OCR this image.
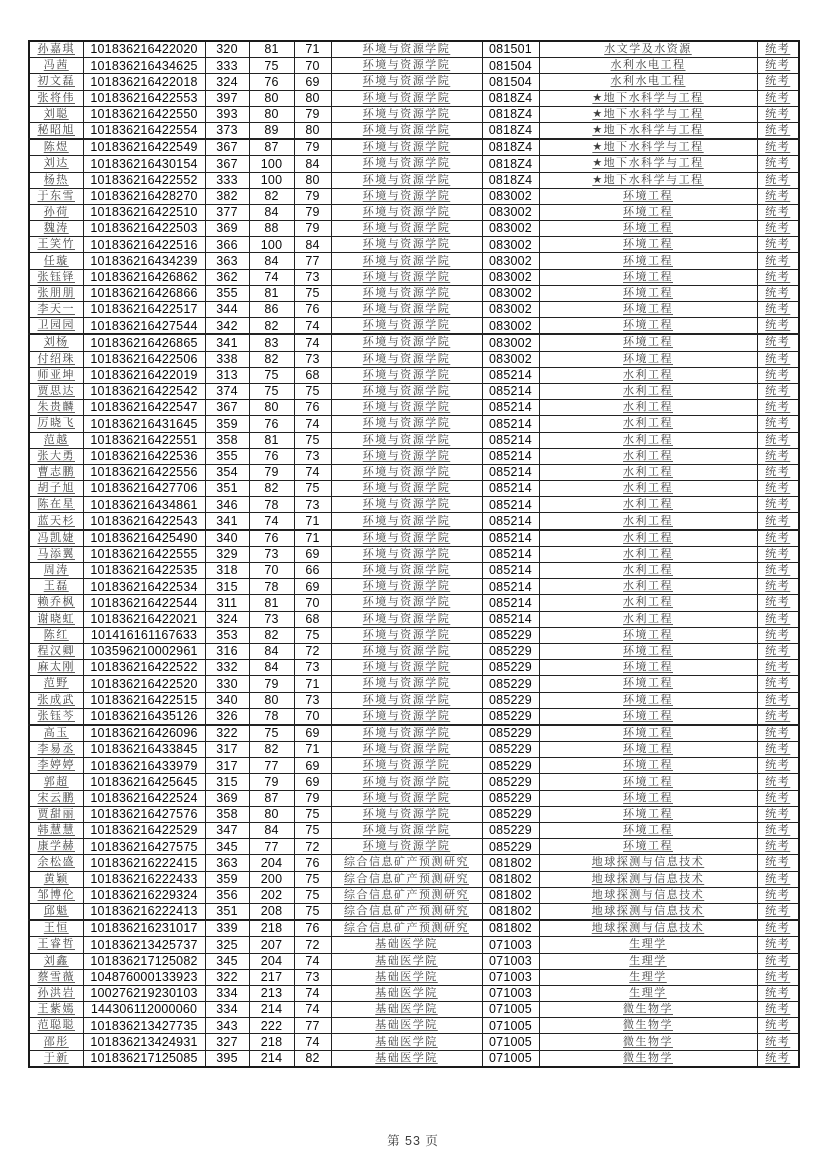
孙嘉琪	101836216422020	320	81	71	环境与资源学院	081501	水文学及水资源	统考
冯茜	101836216434625	333	75	70	环境与资源学院	081504	水利水电工程	统考
初文磊	101836216422018	324	76	69	环境与资源学院	081504	水利水电工程	统考
张将伟	101836216422553	397	80	80	环境与资源学院	0818Z4	★地下水科学与工程	统考
刘聪	101836216422550	393	80	79	环境与资源学院	0818Z4	★地下水科学与工程	统考
秘昭旭	101836216422554	373	89	80	环境与资源学院	0818Z4	★地下水科学与工程	统考
陈煜	101836216422549	367	87	79	环境与资源学院	0818Z4	★地下水科学与工程	统考
刘达	101836216430154	367	100	84	环境与资源学院	0818Z4	★地下水科学与工程	统考
杨热	101836216422552	333	100	80	环境与资源学院	0818Z4	★地下水科学与工程	统考
于东雪	101836216428270	382	82	79	环境与资源学院	083002	环境工程	统考
孙荷	101836216422510	377	84	79	环境与资源学院	083002	环境工程	统考
魏涛	101836216422503	369	88	79	环境与资源学院	083002	环境工程	统考
王笑竹	101836216422516	366	100	84	环境与资源学院	083002	环境工程	统考
任璇	101836216434239	363	84	77	环境与资源学院	083002	环境工程	统考
张钰铎	101836216426862	362	74	73	环境与资源学院	083002	环境工程	统考
张朋朋	101836216426866	355	81	75	环境与资源学院	083002	环境工程	统考
李天一	101836216422517	344	86	76	环境与资源学院	083002	环境工程	统考
卫园园	101836216427544	342	82	74	环境与资源学院	083002	环境工程	统考
刘杨	101836216426865	341	83	74	环境与资源学院	083002	环境工程	统考
付绍珠	101836216422506	338	82	73	环境与资源学院	083002	环境工程	统考
师亚坤	101836216422019	313	75	68	环境与资源学院	085214	水利工程	统考
贾思达	101836216422542	374	75	75	环境与资源学院	085214	水利工程	统考
朱贵麟	101836216422547	367	80	76	环境与资源学院	085214	水利工程	统考
厉晓飞	101836216431645	359	76	74	环境与资源学院	085214	水利工程	统考
范越	101836216422551	358	81	75	环境与资源学院	085214	水利工程	统考
张大勇	101836216422536	355	76	73	环境与资源学院	085214	水利工程	统考
曹志鹏	101836216422556	354	79	74	环境与资源学院	085214	水利工程	统考
胡子旭	101836216427706	351	82	75	环境与资源学院	085214	水利工程	统考
陈在星	101836216434861	346	78	73	环境与资源学院	085214	水利工程	统考
蓝天杉	101836216422543	341	74	71	环境与资源学院	085214	水利工程	统考
冯凯婕	101836216425490	340	76	71	环境与资源学院	085214	水利工程	统考
马添翼	101836216422555	329	73	69	环境与资源学院	085214	水利工程	统考
周涛	101836216422535	318	70	66	环境与资源学院	085214	水利工程	统考
王磊	101836216422534	315	78	69	环境与资源学院	085214	水利工程	统考
赖乔枫	101836216422544	311	81	70	环境与资源学院	085214	水利工程	统考
谢晓虹	101836216422021	324	73	68	环境与资源学院	085214	水利工程	统考
陈红	101416161167633	353	82	75	环境与资源学院	085229	环境工程	统考
程汉卿	103596210002961	316	84	72	环境与资源学院	085229	环境工程	统考
麻太刚	101836216422522	332	84	73	环境与资源学院	085229	环境工程	统考
范野	101836216422520	330	79	71	环境与资源学院	085229	环境工程	统考
张成武	101836216422515	340	80	73	环境与资源学院	085229	环境工程	统考
张钰芩	101836216435126	326	78	70	环境与资源学院	085229	环境工程	统考
高玉	101836216426096	322	75	69	环境与资源学院	085229	环境工程	统考
李易丞	101836216433845	317	82	71	环境与资源学院	085229	环境工程	统考
李婷婷	101836216433979	317	77	69	环境与资源学院	085229	环境工程	统考
郭超	101836216425645	315	79	69	环境与资源学院	085229	环境工程	统考
宋云鹏	101836216422524	369	87	79	环境与资源学院	085229	环境工程	统考
贾甜丽	101836216427576	358	80	75	环境与资源学院	085229	环境工程	统考
韩慧慧	101836216422529	347	84	75	环境与资源学院	085229	环境工程	统考
康学赫	101836216427575	345	77	72	环境与资源学院	085229	环境工程	统考
余松盛	101836216222415	363	204	76	综合信息矿产预测研究	081802	地球探测与信息技术	统考
黄颖	101836216222433	359	200	75	综合信息矿产预测研究	081802	地球探测与信息技术	统考
邹博伦	101836216229324	356	202	75	综合信息矿产预测研究	081802	地球探测与信息技术	统考
邱魁	101836216222413	351	208	75	综合信息矿产预测研究	081802	地球探测与信息技术	统考
王恒	101836216231017	339	218	76	综合信息矿产预测研究	081802	地球探测与信息技术	统考
王睿哲	101836213425737	325	207	72	基础医学院	071003	生理学	统考
刘鑫	101836217125082	345	204	74	基础医学院	071003	生理学	统考
蔡雪薇	104876000133923	322	217	73	基础医学院	071003	生理学	统考
孙洪岩	100276219230103	334	213	74	基础医学院	071003	生理学	统考
王紫嫣	144306112000060	334	214	74	基础医学院	071005	微生物学	统考
范聪聪	101836213427735	343	222	77	基础医学院	071005	微生物学	统考
邵彤	101836213424931	327	218	74	基础医学院	071005	微生物学	统考
于新	101836217125085	395	214	82	基础医学院	071005	微生物学	统考
第 53 页
